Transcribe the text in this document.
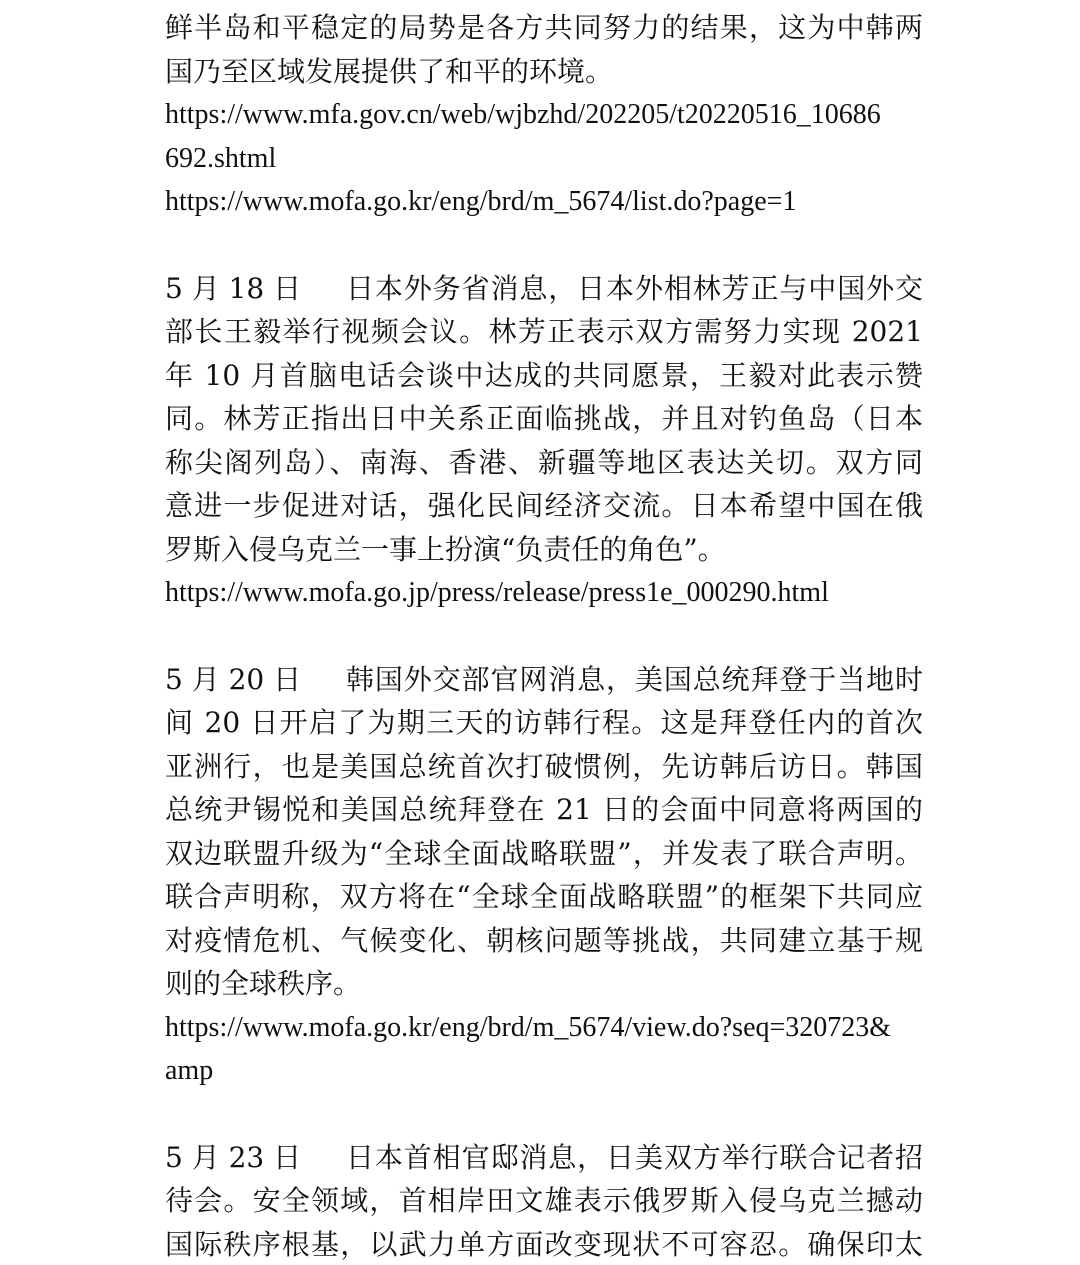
鲜半岛和平稳定的局势是各方共同努力的结果，这为中韩两
国乃至区域发展提供了和平的环境。
https://www.mfa.gov.cn/web/wjbzhd/202205/t20220516_10686
692.shtml
https://www.mofa.go.kr/eng/brd/m_5674/list.do?page=1
5 月 18 日	日本外务省消息，日本外相林芳正与中国外交
部长王毅举行视频会议。林芳正表示双方需努力实现 2021
年 10 月首脑电话会谈中达成的共同愿景，王毅对此表示赞
同。林芳正指出日中关系正面临挑战，并且对钓鱼岛（日本
称尖阁列岛）、南海、香港、新疆等地区表达关切。双方同
意进一步促进对话，强化民间经济交流。日本希望中国在俄
罗斯入侵乌克兰一事上扮演“负责任的角色”。
https://www.mofa.go.jp/press/release/press1e_000290.html
5 月 20 日	韩国外交部官网消息，美国总统拜登于当地时
间 20 日开启了为期三天的访韩行程。这是拜登任内的首次
亚洲行，也是美国总统首次打破惯例，先访韩后访日。韩国
总统尹锡悦和美国总统拜登在 21 日的会面中同意将两国的
双边联盟升级为“全球全面战略联盟”，并发表了联合声明。
联合声明称，双方将在“全球全面战略联盟”的框架下共同应
对疫情危机、气候变化、朝核问题等挑战，共同建立基于规
则的全球秩序。
https://www.mofa.go.kr/eng/brd/m_5674/view.do?seq=320723&
amp
5 月 23 日	日本首相官邸消息，日美双方举行联合记者招
待会。安全领域，首相岸田文雄表示俄罗斯入侵乌克兰撼动
国际秩序根基，以武力单方面改变现状不可容忍。确保印太
